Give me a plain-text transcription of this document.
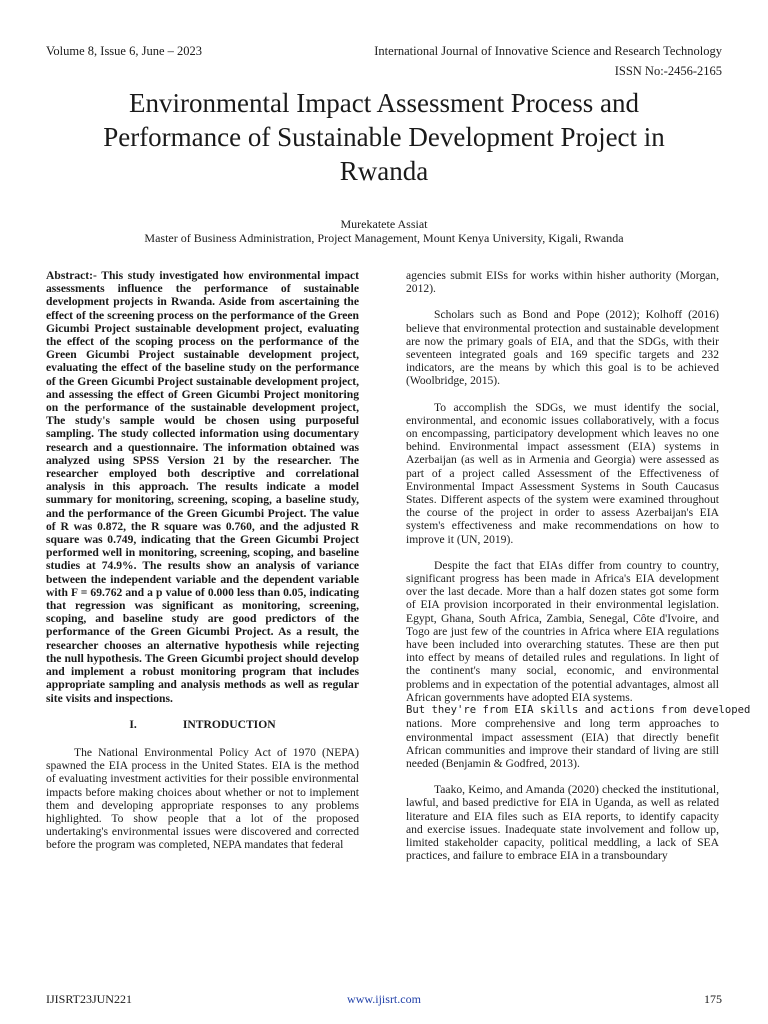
Volume 8, Issue 6, June – 2023	International Journal of Innovative Science and Research Technology
ISSN No:-2456-2165
Environmental Impact Assessment Process and Performance of Sustainable Development Project in Rwanda
Murekatete Assiat
Master of Business Administration, Project Management, Mount Kenya University, Kigali, Rwanda

Abstract:- This study investigated how environmental impact assessments influence the performance of sustainable development projects in Rwanda. Aside from ascertaining the effect of the screening process on the performance of the Green Gicumbi Project sustainable development project, evaluating the effect of the scoping process on the performance of the Green Gicumbi Project sustainable development project, evaluating the effect of the baseline study on the performance of the Green Gicumbi Project sustainable development project, and assessing the effect of Green Gicumbi Project monitoring on the performance of the sustainable development project, The study's sample would be chosen using purposeful sampling. The study collected information using documentary research and a questionnaire. The information obtained was analyzed using SPSS Version 21 by the researcher. The researcher employed both descriptive and correlational analysis in this approach. The results indicate a model summary for monitoring, screening, scoping, a baseline study, and the performance of the Green Gicumbi Project. The value of R was 0.872, the R square was 0.760, and the adjusted R square was 0.749, indicating that the Green Gicumbi Project performed well in monitoring, screening, scoping, and baseline studies at 74.9%. The results show an analysis of variance between the independent variable and the dependent variable with F = 69.762 and a p value of 0.000 less than 0.05, indicating that regression was significant as monitoring, screening, scoping, and baseline study are good predictors of the performance of the Green Gicumbi Project. As a result, the researcher chooses an alternative hypothesis while rejecting the null hypothesis. The Green Gicumbi project should develop and implement a robust monitoring program that includes appropriate sampling and analysis methods as well as regular site visits and inspections.

I.	INTRODUCTION

The National Environmental Policy Act of 1970 (NEPA) spawned the EIA process in the United States. EIA is the method of evaluating investment activities for their possible environmental impacts before making choices about whether or not to implement them and developing appropriate responses to any problems highlighted. To show people that a lot of the proposed undertaking's environmental issues were discovered and corrected before the program was completed, NEPA mandates that federal

agencies submit EISs for works within hisher authority (Morgan, 2012).

Scholars such as Bond and Pope (2012); Kolhoff (2016) believe that environmental protection and sustainable development are now the primary goals of EIA, and that the SDGs, with their seventeen integrated goals and 169 specific targets and 232 indicators, are the means by which this goal is to be achieved (Woolbridge, 2015).

To accomplish the SDGs, we must identify the social, environmental, and economic issues collaboratively, with a focus on encompassing, participatory development which leaves no one behind. Environmental impact assessment (EIA) systems in Azerbaijan (as well as in Armenia and Georgia) were assessed as part of a project called Assessment of the Effectiveness of Environmental Impact Assessment Systems in South Caucasus States. Different aspects of the system were examined throughout the course of the project in order to assess Azerbaijan's EIA system's effectiveness and make recommendations on how to improve it (UN, 2019).

Despite the fact that EIAs differ from country to country, significant progress has been made in Africa's EIA development over the last decade. More than a half dozen states got some form of EIA provision incorporated in their environmental legislation. Egypt, Ghana, South Africa, Zambia, Senegal, Côte d'Ivoire, and Togo are just few of the countries in Africa where EIA regulations have been included into overarching statutes. These are then put into effect by means of detailed rules and regulations. In light of the continent's many social, economic, and environmental problems and in expectation of the potential advantages, almost all African governments have adopted EIA systems.
But they're from EIA skills and actions from developed
nations. More comprehensive and long term approaches to environmental impact assessment (EIA) that directly benefit African communities and improve their standard of living are still needed (Benjamin & Godfred, 2013).

Taako, Keimo, and Amanda (2020) checked the institutional, lawful, and based predictive for EIA in Uganda, as well as related literature and EIA files such as EIA reports, to identify capacity and exercise issues. Inadequate state involvement and follow up, limited stakeholder capacity, political meddling, a lack of SEA practices, and failure to embrace EIA in a transboundary

IJISRT23JUN221	www.ijisrt.com	175
